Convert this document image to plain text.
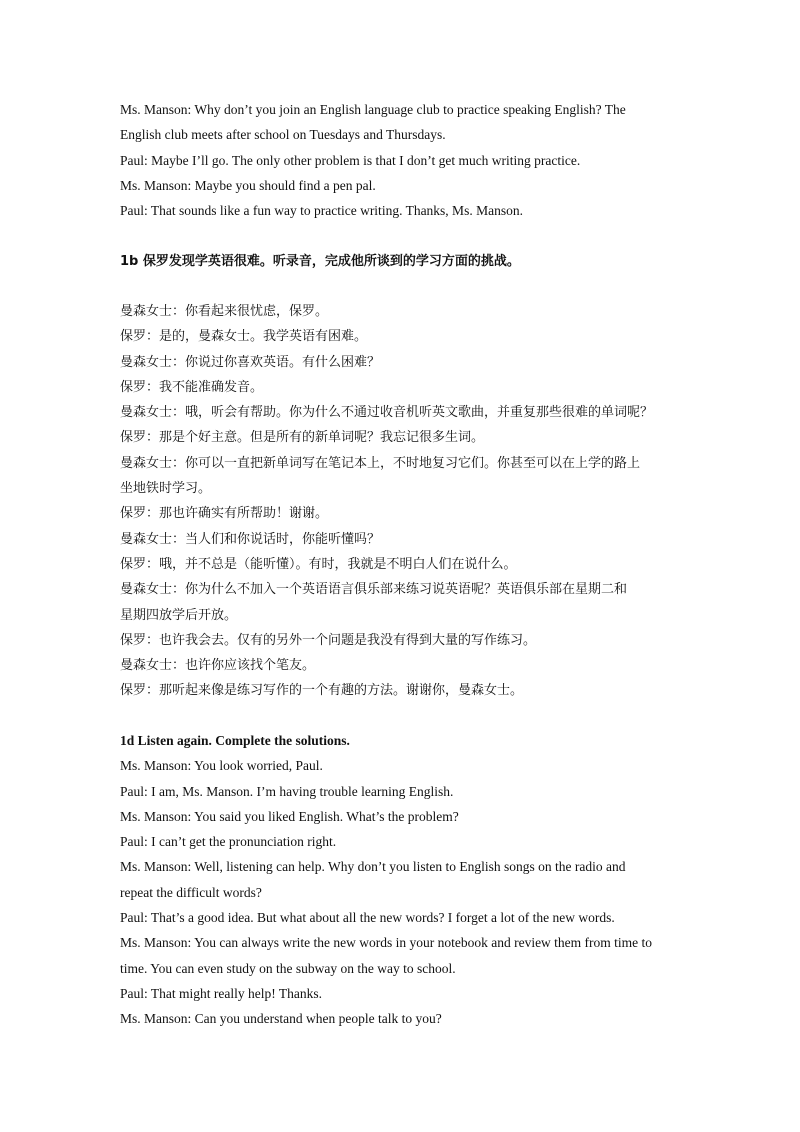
Ms. Manson: Why don’t you join an English language club to practice speaking English? The
English club meets after school on Tuesdays and Thursdays.
Paul: Maybe I’ll go. The only other problem is that I don’t get much writing practice.
Ms. Manson: Maybe you should find a pen pal.
Paul: That sounds like a fun way to practice writing. Thanks, Ms. Manson.
1b 保罗发现学英语很难。听录音，完成他所谈到的学习方面的挑战。
曼森女士：你看起来很忧虑，保罗。
保罗：是的，曼森女士。我学英语有困难。
曼森女士：你说过你喜欢英语。有什么困难？
保罗：我不能准确发音。
曼森女士：哦，听会有帮助。你为什么不通过收音机听英文歌曲，并重复那些很难的单词呢？
保罗：那是个好主意。但是所有的新单词呢？我忘记很多生词。
曼森女士：你可以一直把新单词写在笔记本上，不时地复习它们。你甚至可以在上学的路上
坐地铁时学习。
保罗：那也许确实有所帮助！谢谢。
曼森女士：当人们和你说话时，你能听懂吗？
保罗：哦，并不总是（能听懂）。有时，我就是不明白人们在说什么。
曼森女士：你为什么不加入一个英语语言俱乐部来练习说英语呢？英语俱乐部在星期二和
星期四放学后开放。
保罗：也许我会去。仅有的另外一个问题是我没有得到大量的写作练习。
曼森女士：也许你应该找个笔友。
保罗：那听起来像是练习写作的一个有趣的方法。谢谢你，曼森女士。
1d Listen again. Complete the solutions.
Ms. Manson: You look worried, Paul.
Paul: I am, Ms. Manson. I’m having trouble learning English.
Ms. Manson: You said you liked English. What’s the problem?
Paul: I can’t get the pronunciation right.
Ms. Manson: Well, listening can help. Why don’t you listen to English songs on the radio and
repeat the difficult words?
Paul: That’s a good idea. But what about all the new words? I forget a lot of the new words.
Ms. Manson: You can always write the new words in your notebook and review them from time to
time. You can even study on the subway on the way to school.
Paul: That might really help! Thanks.
Ms. Manson: Can you understand when people talk to you?
